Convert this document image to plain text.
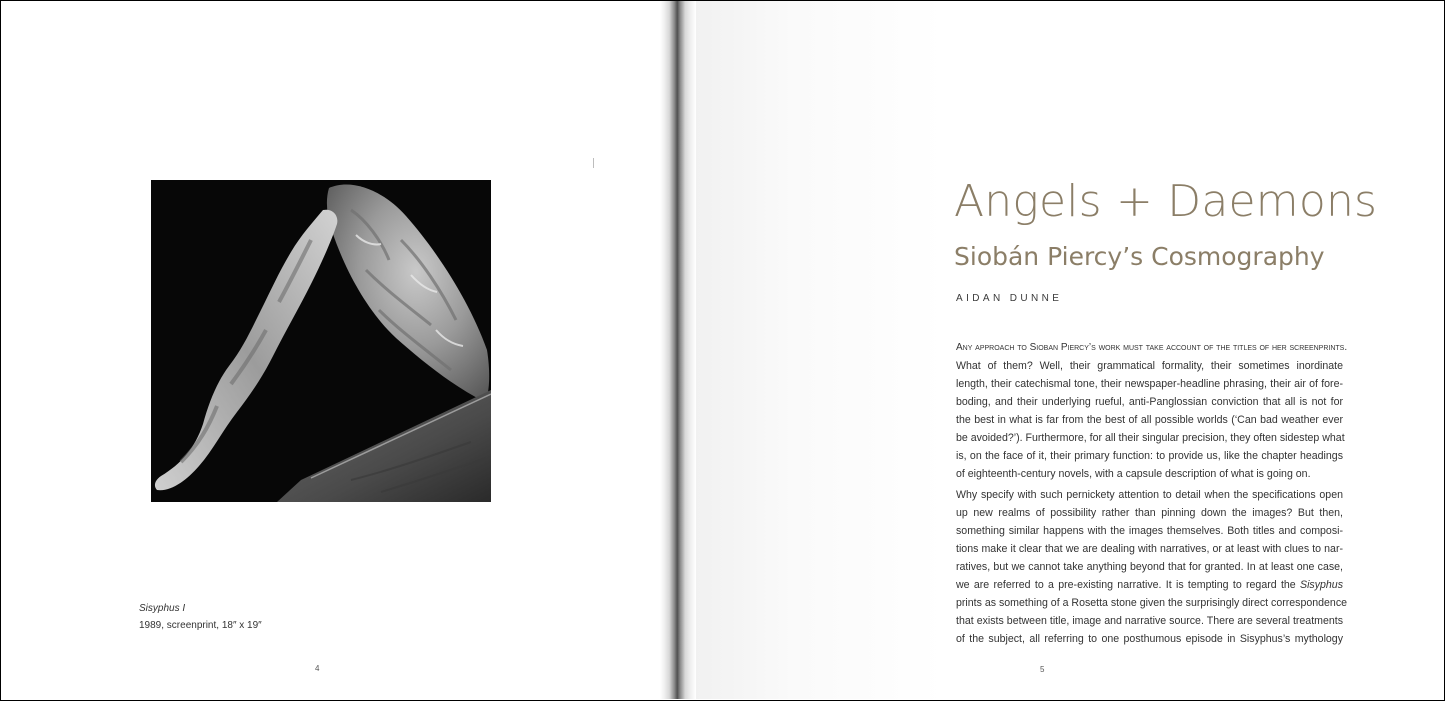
Sisyphus I
1989, screenprint, 18″ x 19″
4
Angels + Daemons
Siobán Piercy’s Cosmography
AIDAN DUNNE
Any approach to Sioban Piercy’s work must take account of the titles of her screenprints.
What of them? Well, their grammatical formality, their sometimes inordinate
length, their catechismal tone, their newspaper-headline phrasing, their air of fore-
boding, and their underlying rueful, anti-Panglossian conviction that all is not for
the best in what is far from the best of all possible worlds (‘Can bad weather ever
be avoided?’). Furthermore, for all their singular precision, they often sidestep what
is, on the face of it, their primary function: to provide us, like the chapter headings
of eighteenth-century novels, with a capsule description of what is going on.
Why specify with such pernickety attention to detail when the specifications open
up new realms of possibility rather than pinning down the images? But then,
something similar happens with the images themselves. Both titles and composi-
tions make it clear that we are dealing with narratives, or at least with clues to nar-
ratives, but we cannot take anything beyond that for granted. In at least one case,
we are referred to a pre-existing narrative. It is tempting to regard the Sisyphus
prints as something of a Rosetta stone given the surprisingly direct correspondence
that exists between title, image and narrative source. There are several treatments
of the subject, all referring to one posthumous episode in Sisyphus’s mythology
5
